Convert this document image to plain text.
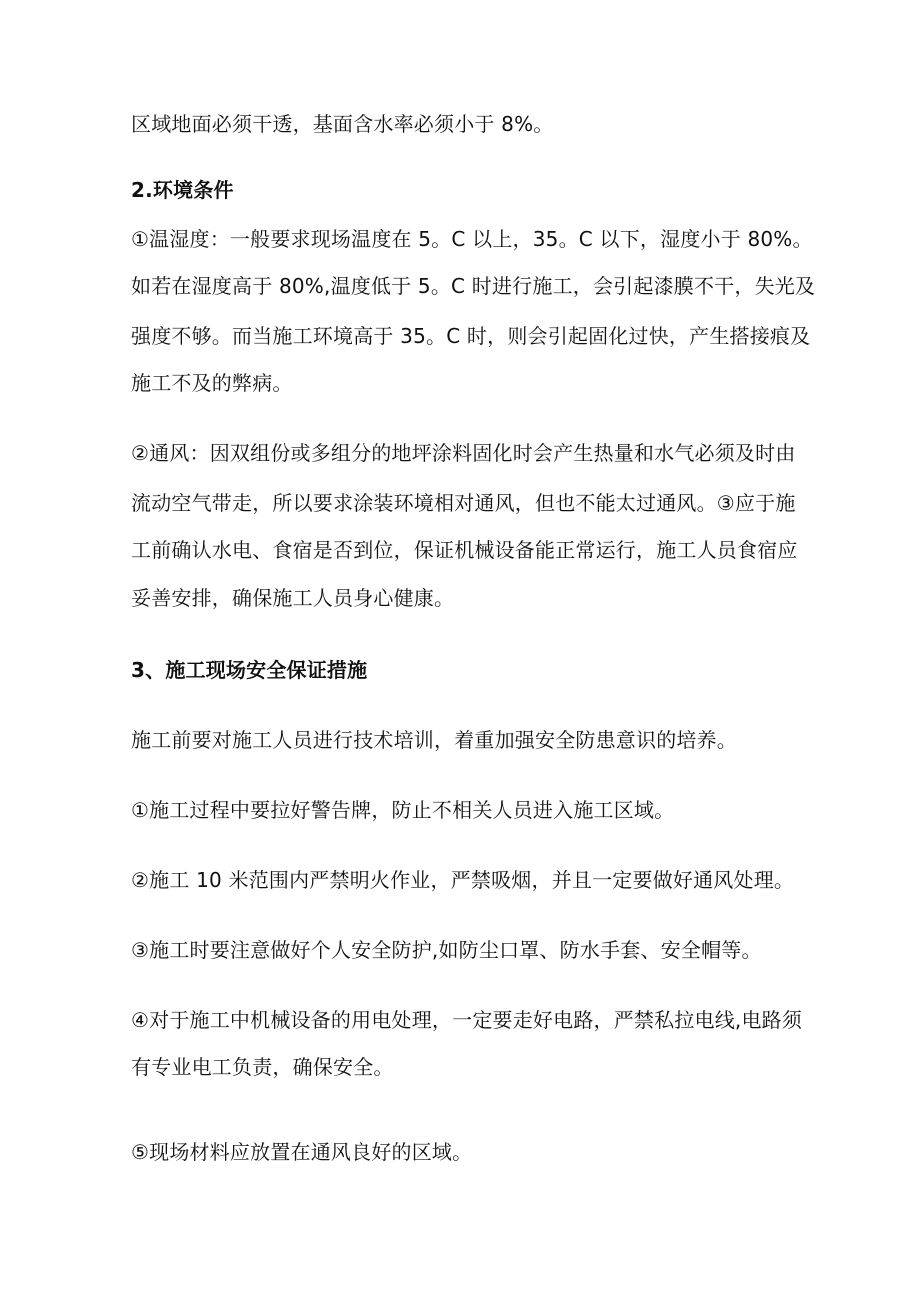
区域地面必须干透，基面含水率必须小于 8%。
2.环境条件
①温湿度：一般要求现场温度在 5。C 以上，35。C 以下，湿度小于 80%。
如若在湿度高于 80%,温度低于 5。C 时进行施工，会引起漆膜不干，失光及
强度不够。而当施工环境高于 35。C 时，则会引起固化过快，产生搭接痕及
施工不及的弊病。
②通风：因双组份或多组分的地坪涂料固化时会产生热量和水气必须及时由
流动空气带走，所以要求涂装环境相对通风，但也不能太过通风。③应于施
工前确认水电、食宿是否到位，保证机械设备能正常运行，施工人员食宿应
妥善安排，确保施工人员身心健康。
3、施工现场安全保证措施
施工前要对施工人员进行技术培训，着重加强安全防患意识的培养。
①施工过程中要拉好警告牌，防止不相关人员进入施工区域。
②施工 10 米范围内严禁明火作业，严禁吸烟，并且一定要做好通风处理。
③施工时要注意做好个人安全防护,如防尘口罩、防水手套、安全帽等。
④对于施工中机械设备的用电处理，一定要走好电路，严禁私拉电线,电路须
有专业电工负责，确保安全。
⑤现场材料应放置在通风良好的区域。
